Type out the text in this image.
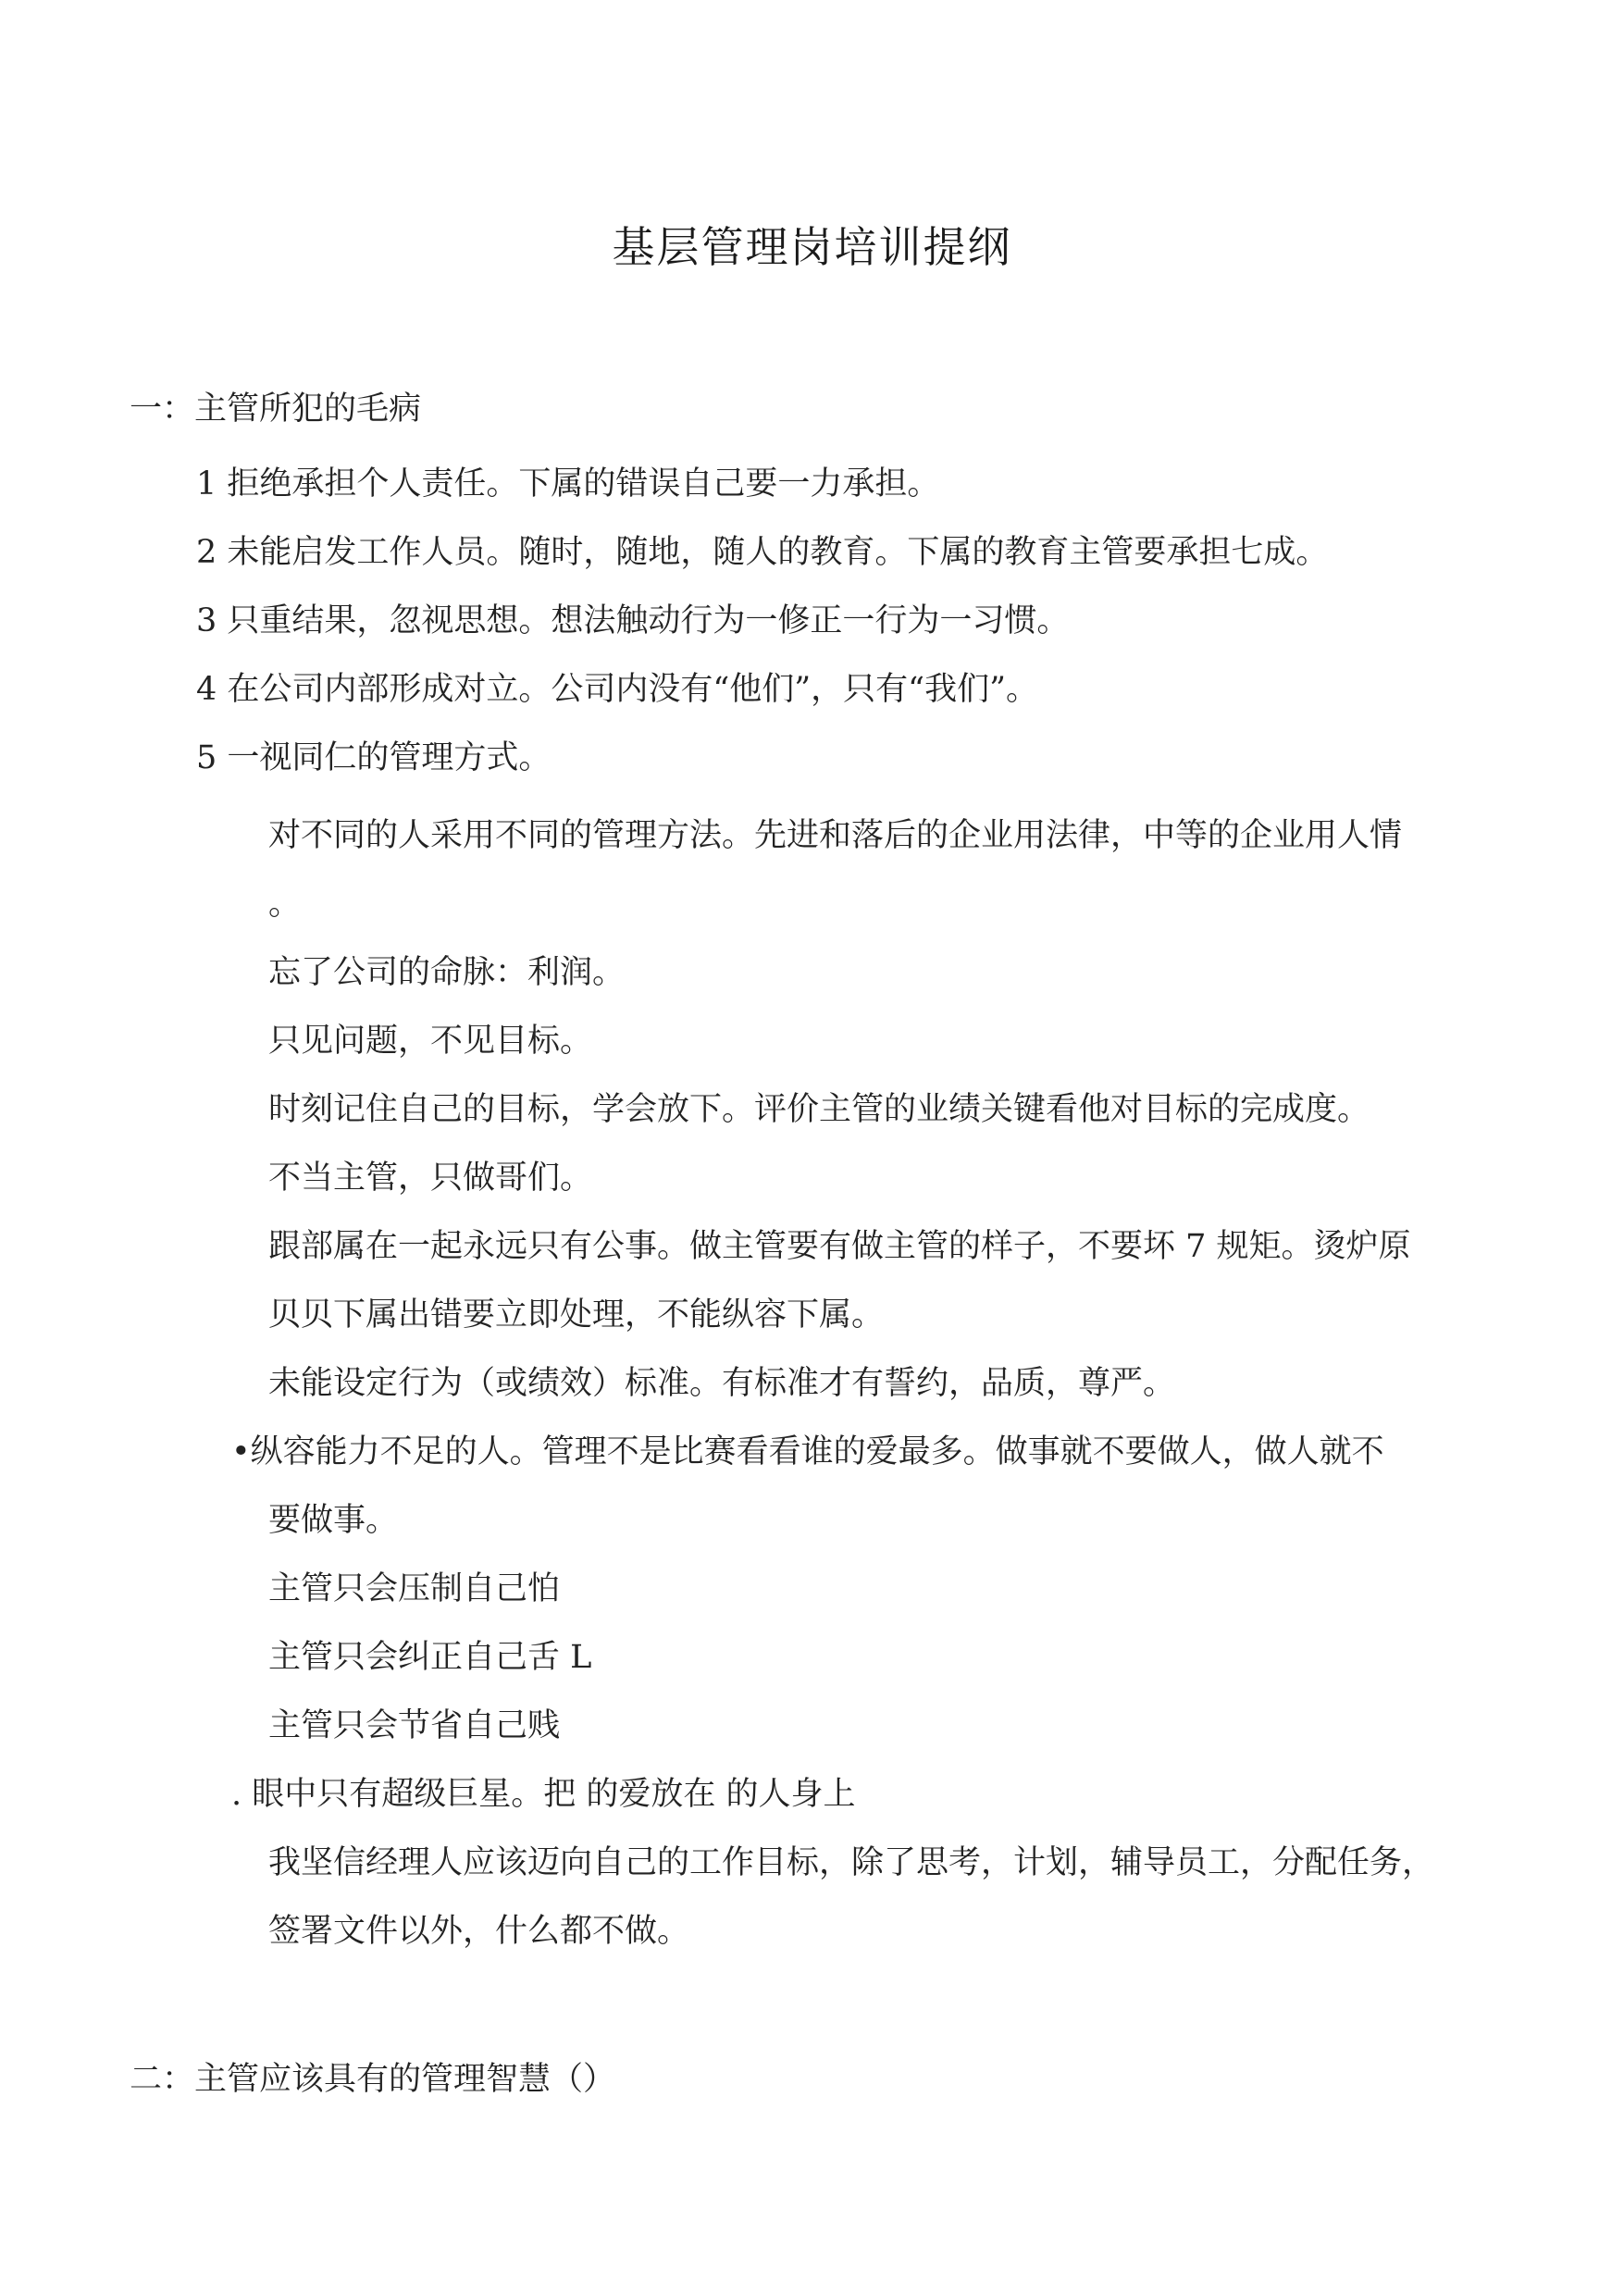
基层管理岗培训提纲
一：主管所犯的毛病
1 拒绝承担个人责任。下属的错误自己要一力承担。
2 未能启发工作人员。随时，随地，随人的教育。下属的教育主管要承担七成。
3 只重结果，忽视思想。想法触动行为一修正一行为一习惯。
4 在公司内部形成对立。公司内没有“他们”，只有“我们”。
5 一视同仁的管理方式。
对不同的人采用不同的管理方法。先进和落后的企业用法律，中等的企业用人情
。
忘了公司的命脉：利润。
只见问题，不见目标。
时刻记住自己的目标，学会放下。评价主管的业绩关键看他对目标的完成度。
不当主管，只做哥们。
跟部属在一起永远只有公事。做主管要有做主管的样子，不要坏 7 规矩。烫炉原
贝贝下属出错要立即处理，不能纵容下属。
未能设定行为（或绩效）标准。有标准才有誓约，品质，尊严。
•纵容能力不足的人。管理不是比赛看看谁的爱最多。做事就不要做人，做人就不
要做事。
主管只会压制自己怕
主管只会纠正自己舌 L
主管只会节省自己贱
. 眼中只有超级巨星。把 的爱放在 的人身上
我坚信经理人应该迈向自己的工作目标，除了思考，计划，辅导员工，分配任务，
签署文件以外，什么都不做。
二：主管应该具有的管理智慧（）
